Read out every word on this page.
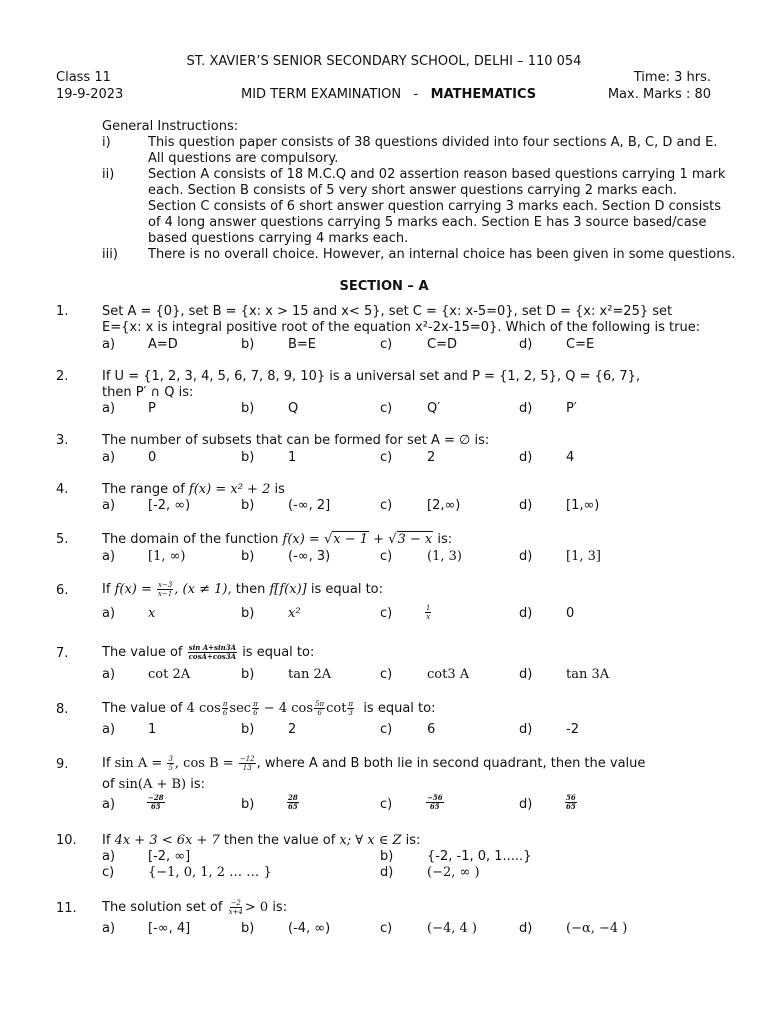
ST. XAVIER’S SENIOR SECONDARY SCHOOL, DELHI – 110 054
Class 11	Time: 3 hrs.
19-9-2023	MID TERM EXAMINATION - MATHEMATICS	Max. Marks : 80
General Instructions:
i)	This question paper consists of 38 questions divided into four sections A, B, C, D and E.
All questions are compulsory.
ii)	Section A consists of 18 M.C.Q and 02 assertion reason based questions carrying 1 mark
each. Section B consists of 5 very short answer questions carrying 2 marks each.
Section C consists of 6 short answer question carrying 3 marks each. Section D consists
of 4 long answer questions carrying 5 marks each. Section E has 3 source based/case
based questions carrying 4 marks each.
iii) There is no overall choice. However, an internal choice has been given in some questions.
SECTION – A
1.	Set A = {0}, set B = {x: x > 15 and x< 5}, set C = {x: x-5=0}, set D = {x: x²=25} set
E={x: x is integral positive root of the equation x²-2x-15=0}. Which of the following is true:
a)	A=D	b)	B=E	c)	C=D	d)	C=E
2.	If U = {1, 2, 3, 4, 5, 6, 7, 8, 9, 10} is a universal set and P = {1, 2, 5}, Q = {6, 7},
then P′ ∩ Q is:
a)	P	b)	Q	c)	Q′	d)	P′
3.	The number of subsets that can be formed for set A = ∅ is:
a)	0	b)	1	c)	2	d)	4
4.	The range of f(x) = x² + 2 is
a)	[-2, ∞)	b)	(-∞, 2]	c)	[2,∞)	d)	[1,∞)
5.	The domain of the function f(x) = √x − 1 + √3 − x is:
a)	[1, ∞)	b)	(-∞, 3)	c)	(1, 3)	d)	[1, 3]
6.	If $f(x) = \frac{x-3}{x-1}$ , (x ≠ 1), then f[f(x)] is equal to:
a)	x	b)	x²	c)	$\frac{1}{x}$	d)	0
7.	The value of $\frac{\text{sin A+sin3A}}{\cos A+\cos 3A}$ is equal to:
a)	cot 2A	b)	tan 2A	c)	cot3 A	d)	tan 3A
8.	The value of 4 $\cos \frac{\pi}{6}$ $\sec \frac{\pi}{6} - 4$ $\cos \frac{5\pi}{6}$ $\cot \frac{\pi}{3}$ is equal to:
a)	1	b)	2	c)	6	d)	-2
9.	If $\sin A = \frac{3}{5}$ , $\cos B = \frac{-12}{13}$ , where A and B both lie in second quadrant, then the value
of sin(A + B) is:
a)	$\frac{-28}{65}$	b)	$\frac{28}{65}$	c)	$\frac{-56}{65}$	d)	$\frac{56}{65}$
10. If 4x + 3 < 6x + 7 then the value of x; ∀ x ∈ Z is:
a)	[-2, ∞]	b)	{-2, -1, 0, 1.....}
c)	{−1, 0, 1, 2 … … }	d)	(−2, ∞ )
11. The solution set of $\frac{-2}{x+4} > 0$ is:
a)	[-∞, 4]	b)	(-4, ∞)	c)	(−4, 4 )	d)	(−α, −4 )
